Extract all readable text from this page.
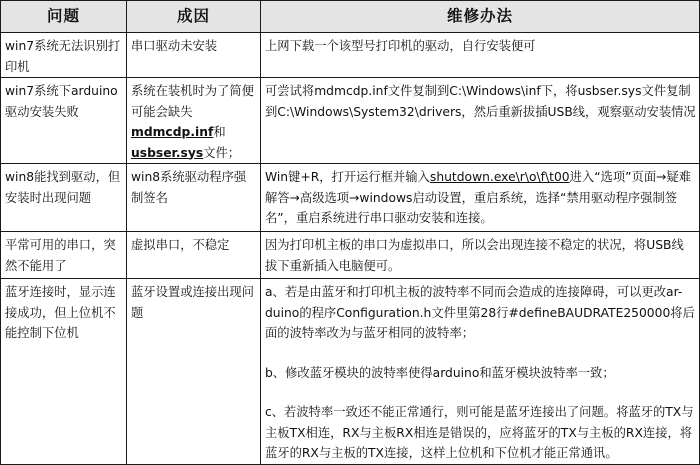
问题	成因	维修办法
win7系统无法识别打印机	串口驱动未安装	上网下载一个该型号打印机的驱动，自行安装便可
win7系统下arduino驱动安装失败	系统在装机时为了简便可能会缺失mdmcdp.inf和usbser.sys文件；	可尝试将mdmcdp.inf文件复制到C:\Windows\inf下，将usbser.sys文件复制到C:\Windows\System32\drivers，然后重新拔插USB线，观察驱动安装情况
win8能找到驱动，但安装时出现问题	win8系统驱动程序强制签名	Win键+R，打开运行框并输入shutdown.exe\r\o\f\t00进入“选项”页面→疑难解答→高级选项→windows启动设置，重启系统，选择“禁用驱动程序强制签名”，重启系统进行串口驱动安装和连接。
平常可用的串口，突然不能用了	虚拟串口，不稳定	因为打印机主板的串口为虚拟串口，所以会出现连接不稳定的状况，将USB线拔下重新插入电脑便可。
蓝牙连接时，显示连接成功，但上位机不能控制下位机	蓝牙设置或连接出现问题	a、若是由蓝牙和打印机主板的波特率不同而会造成的连接障碍，可以更改ar-duino的程序Configuration.h文件里第28行#defineBAUDRATE250000将后面的波特率改为与蓝牙相同的波特率；

b、修改蓝牙模块的波特率使得arduino和蓝牙模块波特率一致；

c、若波特率一致还不能正常通行，则可能是蓝牙连接出了问题。将蓝牙的TX与主板TX相连，RX与主板RX相连是错误的，应将蓝牙的TX与主板的RX连接，将蓝牙的RX与主板的TX连接，这样上位机和下位机才能正常通讯。
